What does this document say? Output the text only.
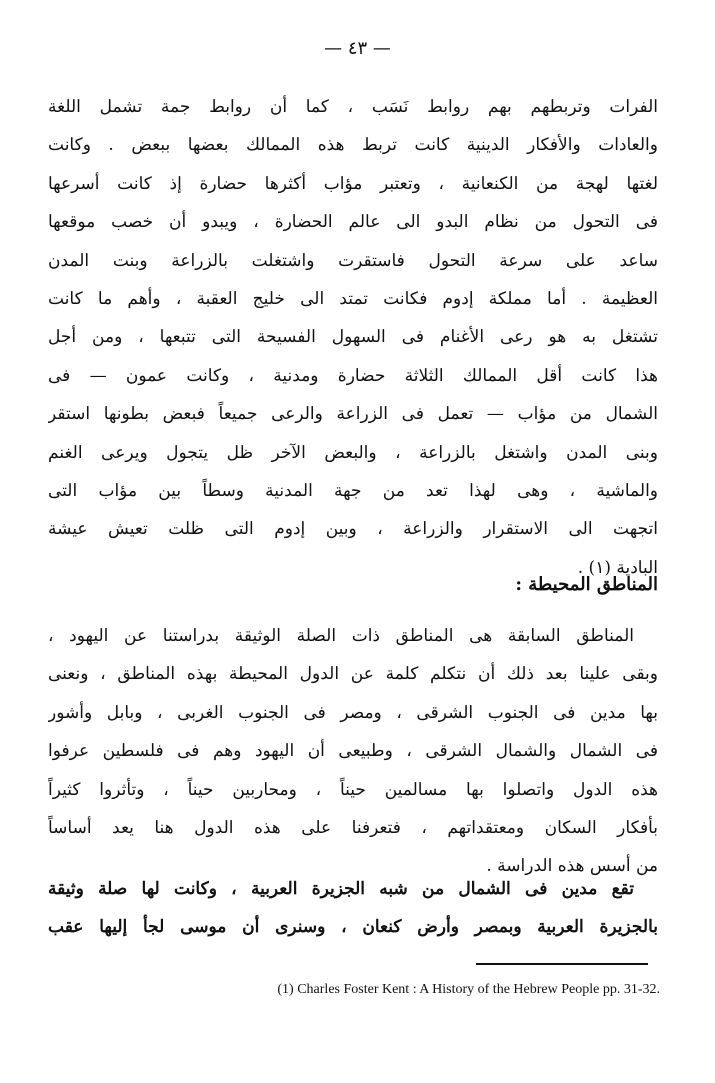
— ٤٣ —
الفرات وتربطهم بهم روابط نَسَب ، كما أن روابط جمة تشمل اللغة
والعادات والأفكار الدينية كانت تربط هذه الممالك بعضها ببعض . وكانت
لغتها لهجة من الكنعانية ، وتعتبر مؤاب أكثرها حضارة إذ كانت أسرعها
فى التحول من نظام البدو الى عالم الحضارة ، ويبدو أن خصب موقعها
ساعد على سرعة التحول فاستقرت واشتغلت بالزراعة وبنت المدن
العظيمة . أما مملكة إدوم فكانت تمتد الى خليج العقبة ، وأهم ما كانت
تشتغل به هو رعى الأغنام فى السهول الفسيحة التى تتبعها ، ومن أجل
هذا كانت أقل الممالك الثلاثة حضارة ومدنية ، وكانت عمون — فى
الشمال من مؤاب — تعمل فى الزراعة والرعى جميعاً فبعض بطونها استقر
وبنى المدن واشتغل بالزراعة ، والبعض الآخر ظل يتجول ويرعى الغنم
والماشية ، وهى لهذا تعد من جهة المدنية وسطاً بين مؤاب التى
اتجهت الى الاستقرار والزراعة ، وبين إدوم التى ظلت تعيش عيشة
البادية (١) .
المناطق المحيطة :
المناطق السابقة هى المناطق ذات الصلة الوثيقة بدراستنا عن اليهود ،
وبقى علينا بعد ذلك أن نتكلم كلمة عن الدول المحيطة بهذه المناطق ، ونعنى
بها مدين فى الجنوب الشرقى ، ومصر فى الجنوب الغربى ، وبابل وأشور
فى الشمال والشمال الشرقى ، وطبيعى أن اليهود وهم فى فلسطين عرفوا
هذه الدول واتصلوا بها مسالمين حيناً ، ومحاربين حيناً ، وتأثروا كثيراً
بأفكار السكان ومعتقداتهم ، فتعرفنا على هذه الدول هنا يعد أساساً
من أسس هذه الدراسة .
تقع مدين فى الشمال من شبه الجزيرة العربية ، وكانت لها صلة وثيقة
بالجزيرة العربية وبمصر وأرض كنعان ، وسنرى أن موسى لجأ إليها عقب
(1) Charles Foster Kent : A History of the Hebrew People pp. 31-32.
